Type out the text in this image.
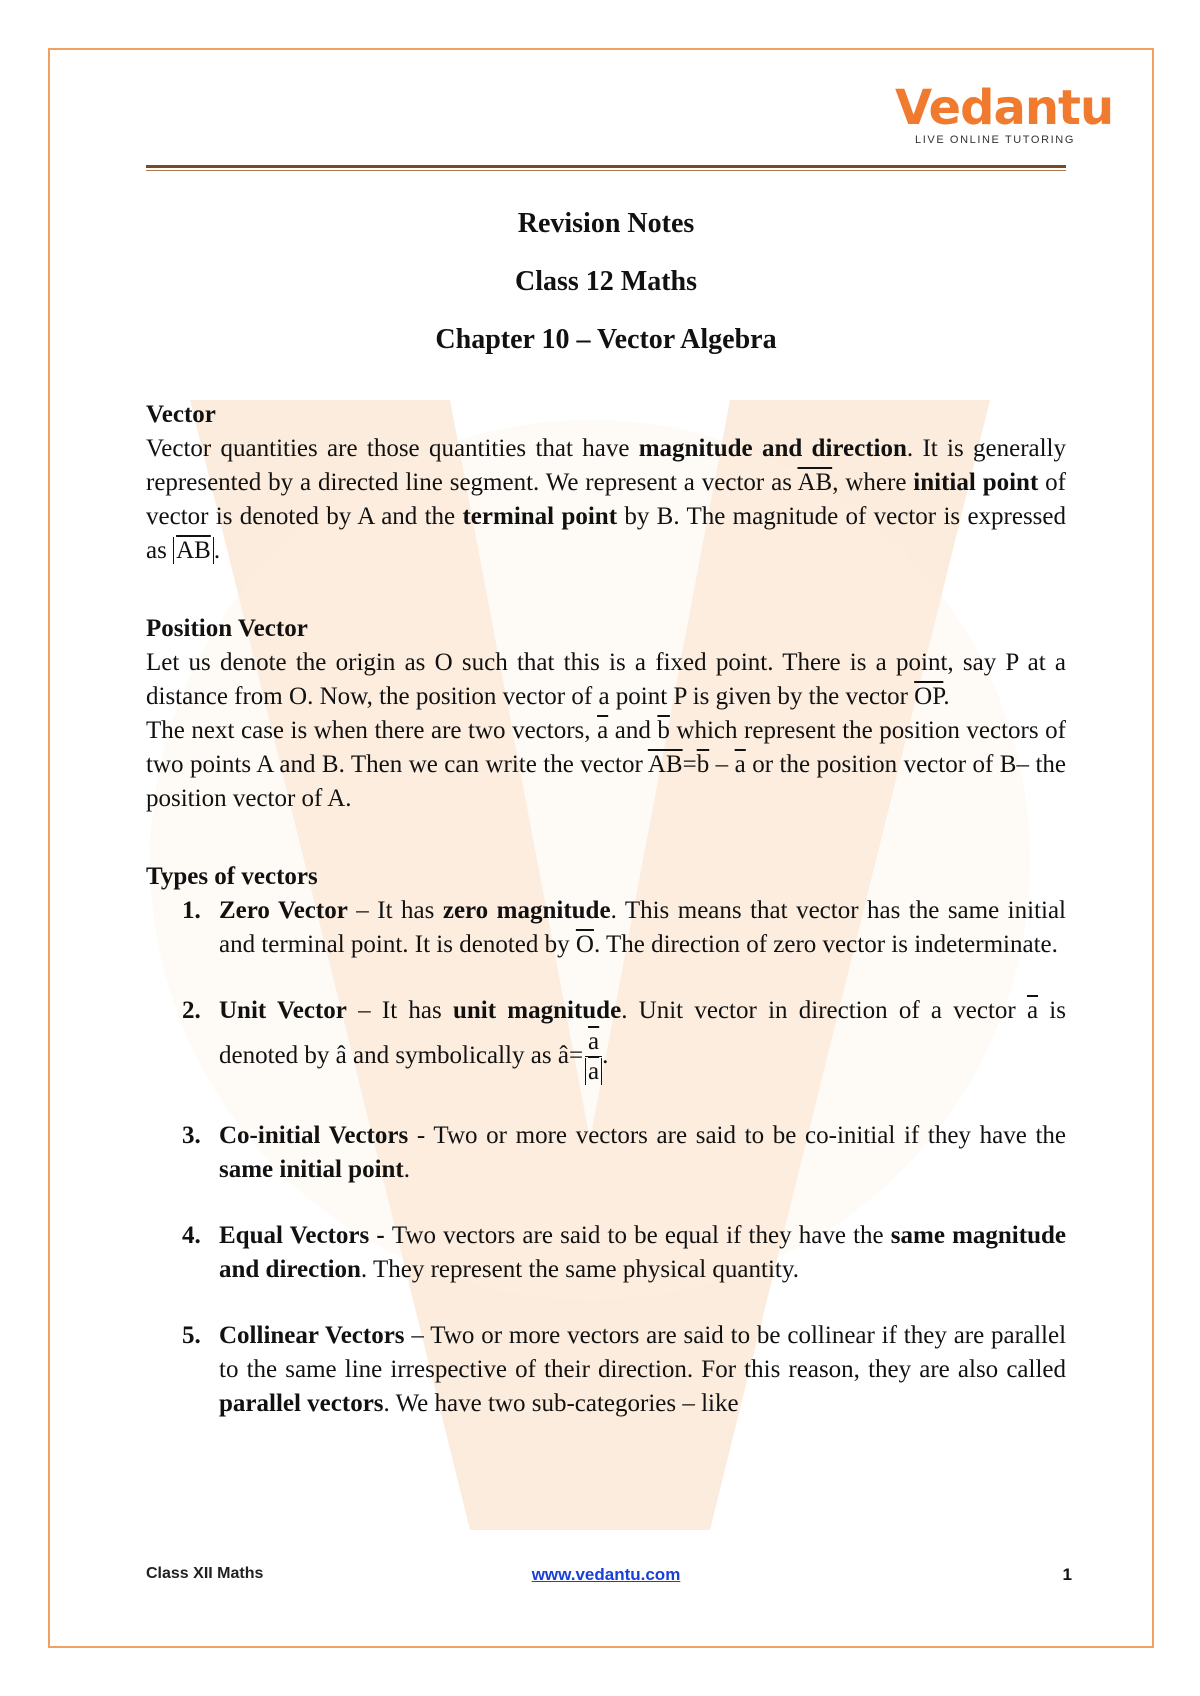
Vedantu
LIVE ONLINE TUTORING
Revision Notes
Class 12 Maths
Chapter 10 – Vector Algebra
Vector

Vector quantities are those quantities that have magnitude and direction. It is generally represented by a directed line segment. We represent a vector as $\overline{AB}$, where initial point of vector is denoted by A and the terminal point by B. The magnitude of vector is expressed as $\overline{AB}$ .

Position Vector

Let us denote the origin as O such that this is a fixed point. There is a point, say P at a distance from O. Now, the position vector of a point P is given by the vector $\overline{OP}$.

The next case is when there are two vectors, $\overline{a}$ and $\overline{b}$ which represent the position vectors of two points A and B. Then we can write the vector $\overline{AB}=\overline{b} - \overline{a}$ or the position vector of B– the position vector of A.

Types of vectors
1. Zero Vector – It has zero magnitude. This means that vector has the same initial and terminal point. It is denoted by $\overline{O}$. The direction of zero vector is indeterminate.
2. Unit Vector – It has unit magnitude. Unit vector in direction of a vector $\overline{a}$ is denoted by â and symbolically as â= $\frac{\overline{a}}{a}$ .
3. Co-initial Vectors - Two or more vectors are said to be co-initial if they have the same initial point.
4. Equal Vectors - Two vectors are said to be equal if they have the same magnitude and direction. They represent the same physical quantity.
5. Collinear Vectors – Two or more vectors are said to be collinear if they are parallel to the same line irrespective of their direction. For this reason, they are also called parallel vectors. We have two sub-categories – like
Class XII Maths	www.vedantu.com	1
